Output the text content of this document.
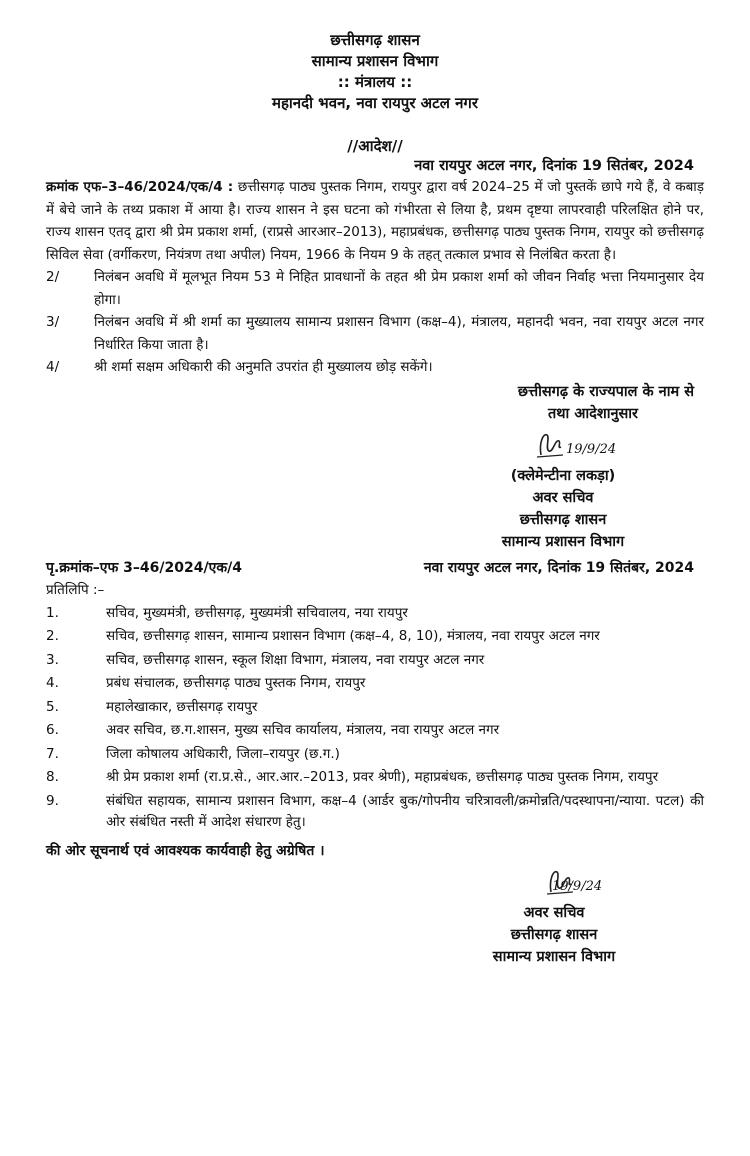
छत्तीसगढ़ शासन
सामान्य प्रशासन विभाग
:: मंत्रालय ::
महानदी भवन, नवा रायपुर अटल नगर
//आदेश//
नवा रायपुर अटल नगर, दिनांक 19 सितंबर, 2024
क्रमांक एफ–3–46/2024/एक/4 : छत्तीसगढ़ पाठ्य पुस्तक निगम, रायपुर द्वारा वर्ष 2024–25 में जो पुस्तकें छापे गये हैं, वे कबाड़ में बेचे जाने के तथ्य प्रकाश में आया है। राज्य शासन ने इस घटना को गंभीरता से लिया है, प्रथम दृष्टया लापरवाही परिलक्षित होने पर, राज्य शासन एतद् द्वारा श्री प्रेम प्रकाश शर्मा, (राप्रसे आरआर–2013), महाप्रबंधक, छत्तीसगढ़ पाठ्य पुस्तक निगम, रायपुर को छत्तीसगढ़ सिविल सेवा (वर्गीकरण, नियंत्रण तथा अपील) नियम, 1966 के नियम 9 के तहत् तत्काल प्रभाव से निलंबित करता है।
2/	निलंबन अवधि में मूलभूत नियम 53 मे निहित प्रावधानों के तहत श्री प्रेम प्रकाश शर्मा को जीवन निर्वाह भत्ता नियमानुसार देय होगा।
3/	निलंबन अवधि में श्री शर्मा का मुख्यालय सामान्य प्रशासन विभाग (कक्ष–4), मंत्रालय, महानदी भवन, नवा रायपुर अटल नगर निर्धारित किया जाता है।
4/	श्री शर्मा सक्षम अधिकारी की अनुमति उपरांत ही मुख्यालय छोड़ सकेंगे।
छत्तीसगढ़ के राज्यपाल के नाम से
तथा आदेशानुसार
19/9/24
(क्लेमेन्टीना लकड़ा)
अवर सचिव
छत्तीसगढ़ शासन
सामान्य प्रशासन विभाग
पृ.क्रमांक–एफ 3–46/2024/एक/4	नवा रायपुर अटल नगर, दिनांक 19 सितंबर, 2024
प्रतिलिपि :–
1.	सचिव, मुख्यमंत्री, छत्तीसगढ़, मुख्यमंत्री सचिवालय, नया रायपुर
2.	सचिव, छत्तीसगढ़ शासन, सामान्य प्रशासन विभाग (कक्ष–4, 8, 10), मंत्रालय, नवा रायपुर अटल नगर
3.	सचिव, छत्तीसगढ़ शासन, स्कूल शिक्षा विभाग, मंत्रालय, नवा रायपुर अटल नगर
4.	प्रबंध संचालक, छत्तीसगढ़ पाठ्य पुस्तक निगम, रायपुर
5.	महालेखाकार, छत्तीसगढ़ रायपुर
6.	अवर सचिव, छ.ग.शासन, मुख्य सचिव कार्यालय, मंत्रालय, नवा रायपुर अटल नगर
7.	जिला कोषालय अधिकारी, जिला–रायपुर (छ.ग.)
8.	श्री प्रेम प्रकाश शर्मा (रा.प्र.से., आर.आर.–2013, प्रवर श्रेणी), महाप्रबंधक, छत्तीसगढ़ पाठ्य पुस्तक निगम, रायपुर
9.	संबंधित सहायक, सामान्य प्रशासन विभाग, कक्ष–4 (आर्डर बुक/गोपनीय चरित्रावली/क्रमोन्नति/पदस्थापना/न्याया. पटल) की ओर संबंधित नस्ती में आदेश संधारण हेतु।
की ओर सूचनार्थ एवं आवश्यक कार्यवाही हेतु अग्रेषित ।
19/9/24
अवर सचिव
छत्तीसगढ़ शासन
सामान्य प्रशासन विभाग
